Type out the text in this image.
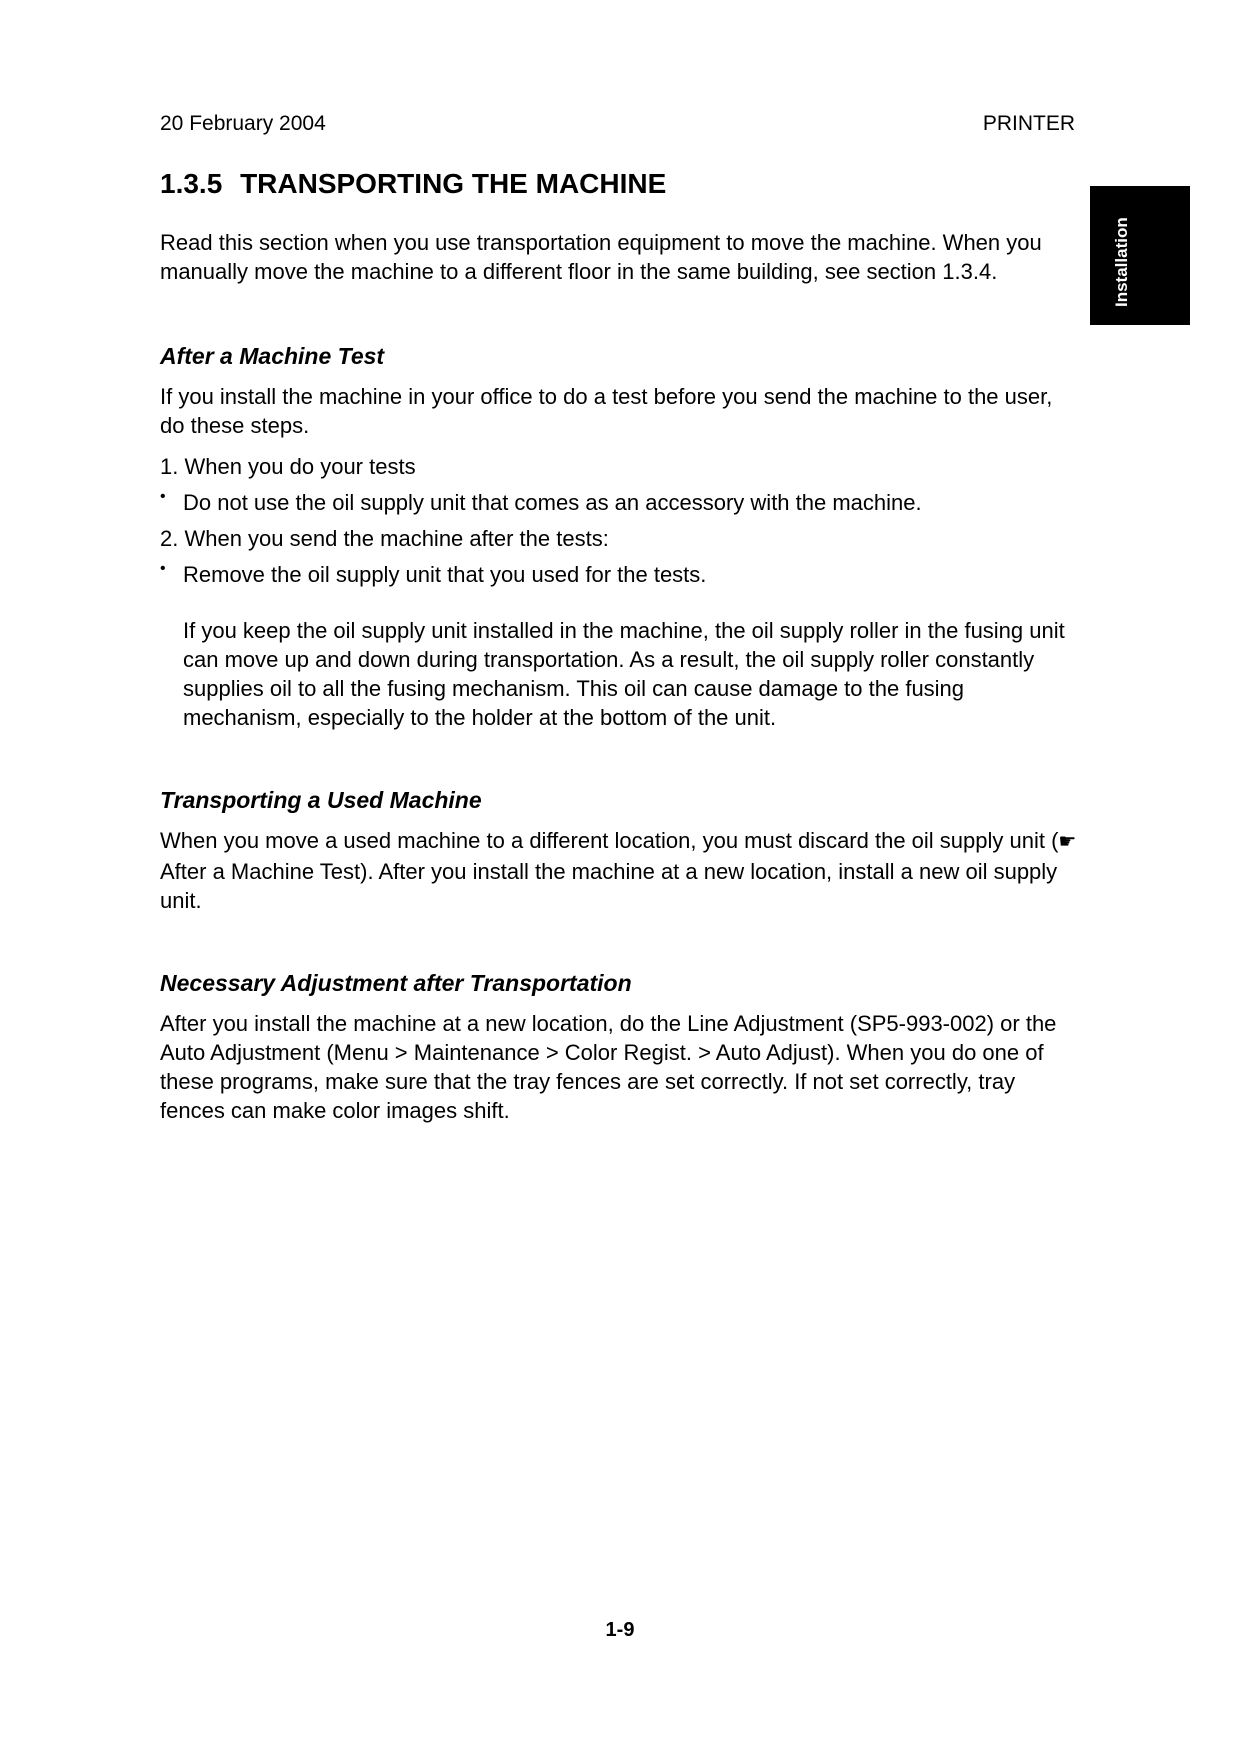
20 February 2004	PRINTER
Installation
1.3.5 TRANSPORTING THE MACHINE

Read this section when you use transportation equipment to move the machine. When you manually move the machine to a different floor in the same building, see section 1.3.4.

After a Machine Test

If you install the machine in your office to do a test before you send the machine to the user, do these steps.

1. When you do your tests

• Do not use the oil supply unit that comes as an accessory with the machine.

2. When you send the machine after the tests:

• Remove the oil supply unit that you used for the tests.

If you keep the oil supply unit installed in the machine, the oil supply roller in the fusing unit can move up and down during transportation. As a result, the oil supply roller constantly supplies oil to all the fusing mechanism. This oil can cause damage to the fusing mechanism, especially to the holder at the bottom of the unit.

Transporting a Used Machine

When you move a used machine to a different location, you must discard the oil supply unit (☛ After a Machine Test). After you install the machine at a new location, install a new oil supply unit.

Necessary Adjustment after Transportation

After you install the machine at a new location, do the Line Adjustment (SP5-993-002) or the Auto Adjustment (Menu > Maintenance > Color Regist. > Auto Adjust). When you do one of these programs, make sure that the tray fences are set correctly. If not set correctly, tray fences can make color images shift.

1-9
